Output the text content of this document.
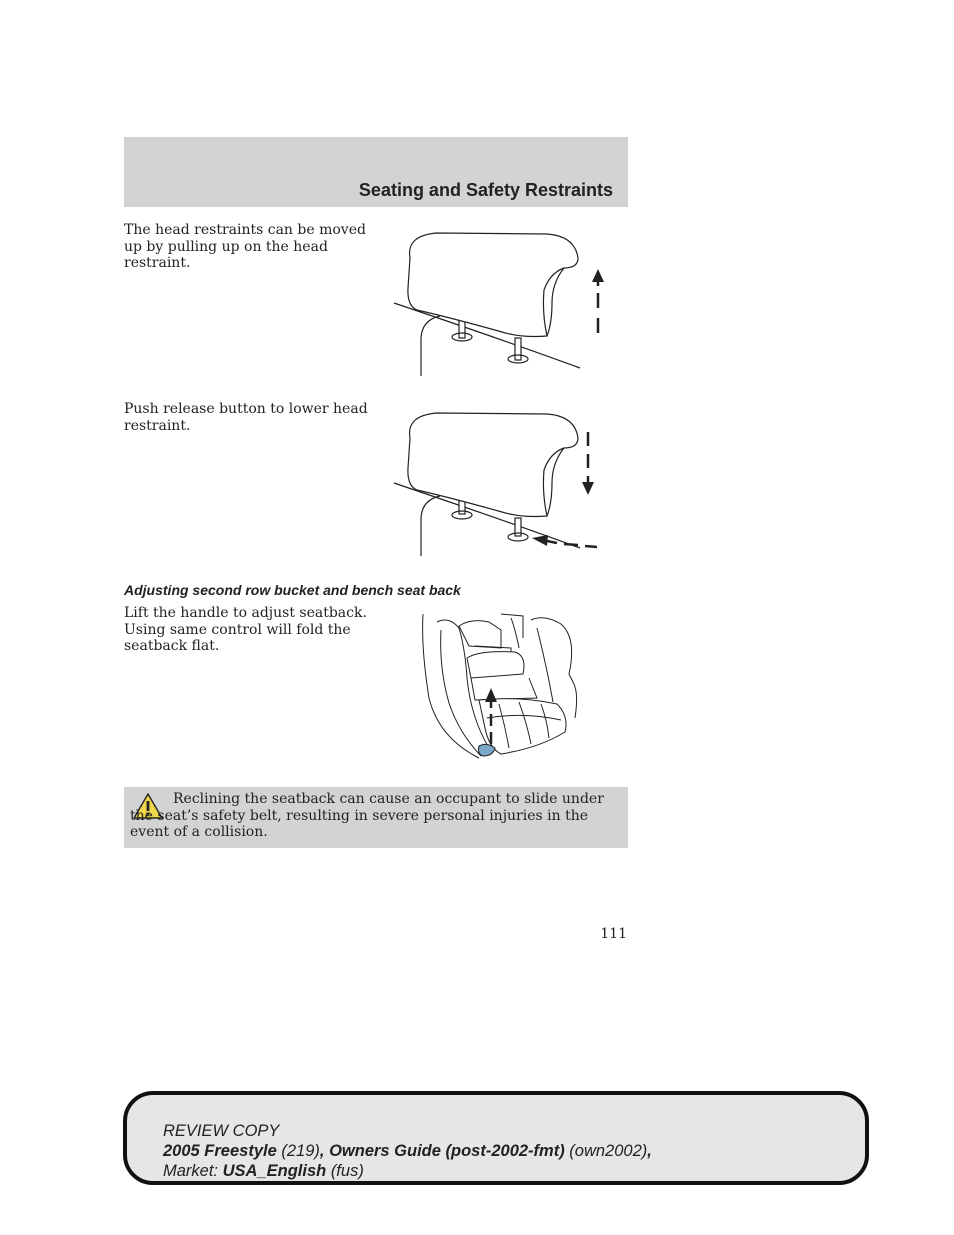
Seating and Safety Restraints

The head restraints can be moved up by pulling up on the head restraint.

Push release button to lower head restraint.

Adjusting second row bucket and bench seat back

Lift the handle to adjust seatback. Using same control will fold the seatback flat.

Reclining the seatback can cause an occupant to slide under the seat’s safety belt, resulting in severe personal injuries in the event of a collision.

111

REVIEW COPY
2005 Freestyle (219), Owners Guide (post-2002-fmt) (own2002),
Market: USA_English (fus)
